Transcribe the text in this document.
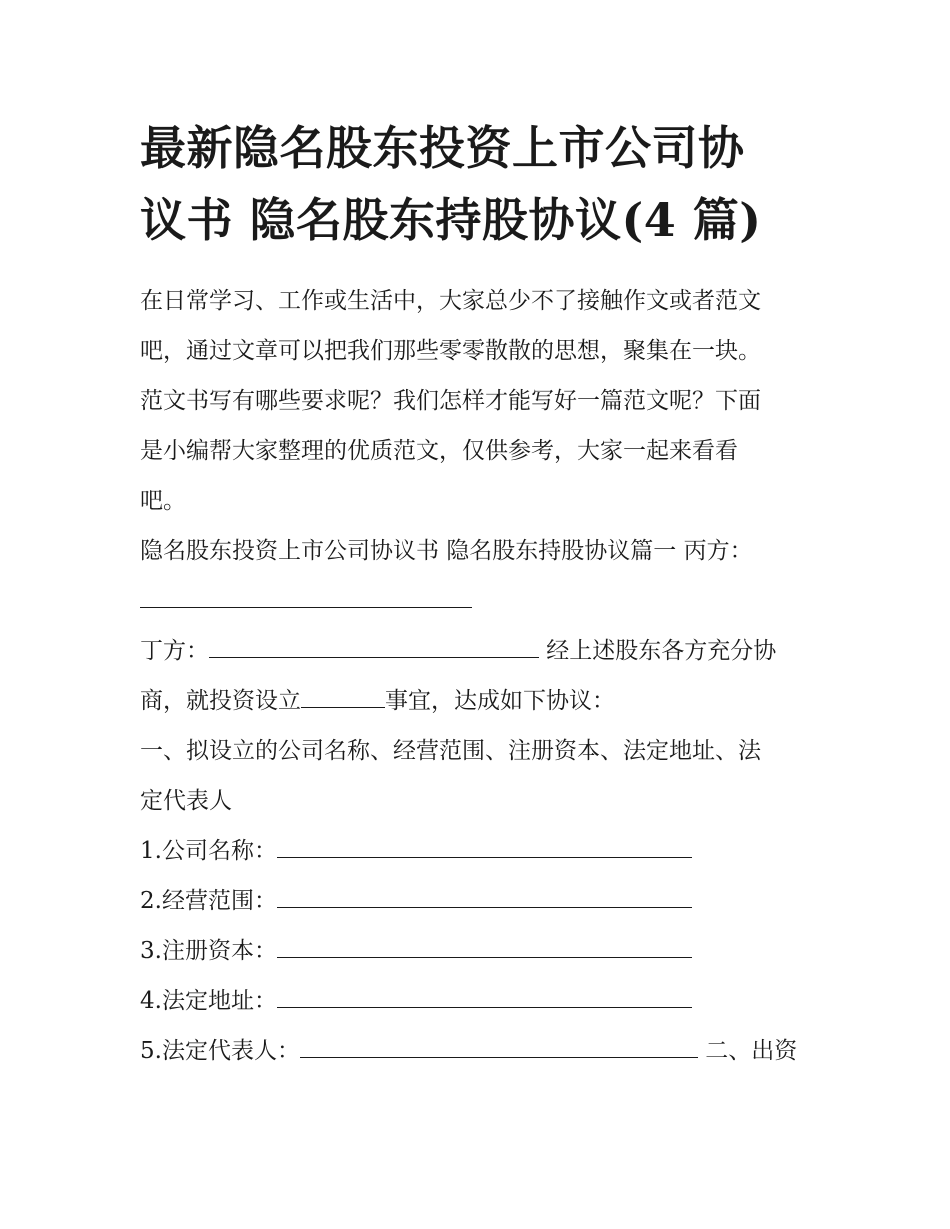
最新隐名股东投资上市公司协
议书 隐名股东持股协议(4 篇)
在日常学习、工作或生活中，大家总少不了接触作文或者范文
吧，通过文章可以把我们那些零零散散的思想，聚集在一块。
范文书写有哪些要求呢？我们怎样才能写好一篇范文呢？下面
是小编帮大家整理的优质范文，仅供参考，大家一起来看看
吧。
隐名股东投资上市公司协议书 隐名股东持股协议篇一 丙方：
丁方：	经上述股东各方充分协
商，就投资设立	事宜，达成如下协议：
一、拟设立的公司名称、经营范围、注册资本、法定地址、法
定代表人
1.公司名称：
2.经营范围：
3.注册资本：
4.法定地址：
5.法定代表人：	二、出资
